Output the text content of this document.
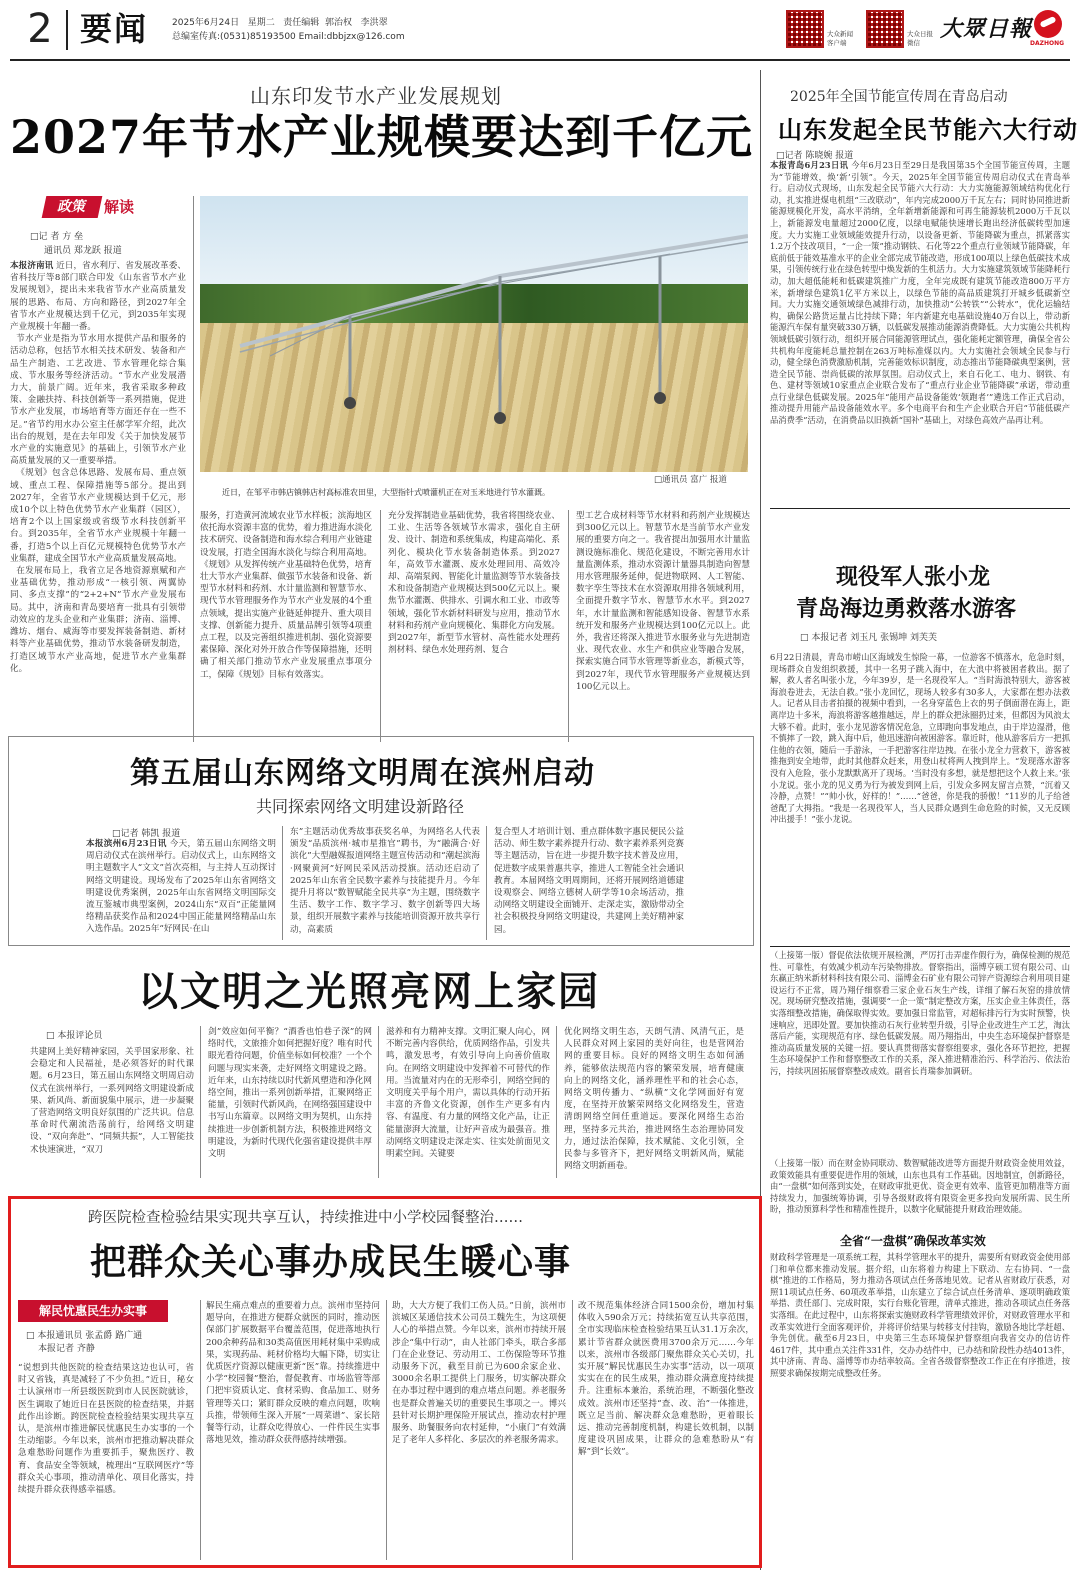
2 要闻	2025年6月24日 星期二 责任编辑 郭治权 李洪翠
总编室传真:(0531)85193500 Email:dbbjzx@126.com	大众新闻
客户端
大众日报
微信
大眾日報
DAZHONG
山东印发节水产业发展规划
2027年节水产业规模要达到千亿元
政策	解读
□记 者 方 垒
通讯员 郑龙跃 报道
本报济南讯 近日，省水利厅、省发展改革委、省科技厅等8部门联合印发《山东省节水产业发展规划》，提出未来我省节水产业高质量发展的思路、布局、方向和路径，到2027年全省节水产业规模达到千亿元，到2035年实现产业规模十年翻一番。
节水产业是指为节水用水提供产品和服务的活动总称，包括节水相关技术研发、装备和产品生产制造、工艺改进、节水管理化综合集成、节水服务等经济活动。“节水产业发展潜力大，前景广阔。近年来，我省采取多种政策、金融扶持、科技创新等一系列措施，促进节水产业发展，市场培育等方面还存在一些不足。”省节约用水办公室主任郝学军介绍，此次出台的规划，是在去年印发《关于加快发展节水产业的实施意见》的基础上，引领节水产业高质量发展的又一重要举措。
《规划》包含总体思路、发展布局、重点领域、重点工程、保障措施等5部分。提出到2027年，全省节水产业规模达到千亿元，形成10个以上特色优势节水产业集群（园区），培育2个以上国家级或省级节水科技创新平台。到2035年，全省节水产业规模十年翻一番，打造5个以上百亿元规模特色优势节水产业集群，建成全国节水产业高质量发展高地。
在发展布局上，我省立足各地资源禀赋和产业基础优势，推动形成“一核引领、两翼协同、多点支撑”的“2+2+N”节水产业发展布局。其中，济南和青岛要培育一批具有引领带动效应的龙头企业和产业集群；济南、淄博、潍坊、烟台、威海等市要发挥装备制造、新材料等产业基础优势，推动节水装备研发制造，打造区域节水产业高地，促进节水产业集群化。
近日，在邹平市韩店镇韩店村高标准农田里，大型指针式喷灌机正在对玉米地进行节水灌溉。
□通讯员 富广 报道
服务，打造黄河流域农业节水样板；滨海地区依托海水资源丰富的优势，着力推进海水淡化技术研究、设备制造和海水综合利用产业链建设发展，打造全国海水淡化与综合利用高地。《规划》从发挥传统产业基础特色优势，培育壮大节水产业集群、做强节水装备和设备、新型节水材料和药剂、水计量监测和智慧节水、现代节水管理服务作为节水产业发展的4个重点领域，提出实施产业链延伸提升、重大项目支撑、创新能力提升、质量品牌引领等4项重点工程，以及完善组织推进机制、强化资源要素保障、深化对外开放合作等保障措施，还明确了相关部门推动节水产业发展重点事项分工，保障《规划》目标有效落实。
充分发挥制造业基础优势，我省将围绕农业、工业、生活等各领域节水需求，强化自主研发、设计、制造和系统集成，构建高端化、系列化、模块化节水装备制造体系。到2027年，高效节水灌溉、废水处理回用、高效冷却、高端泵阀、智能化计量监测等节水装备技术和设备制造产业规模达到500亿元以上。聚焦节水灌溉、供排水、引调水和工业、市政等领域，强化节水新材料研发与应用，推动节水材料和药剂产业向规模化、集群化方向发展。到2027年，新型节水管材、高性能水处理药剂材料、绿色水处理药剂、复合
型工艺合成材料等节水材料和药剂产业规模达到300亿元以上。智慧节水是当前节水产业发展的重要方向之一。我省提出加强用水计量监测设施标准化、规范化建设，不断完善用水计量监测体系，推动水资源计量器具制造向智慧用水管理服务延伸，促进物联网、人工智能、数字孪生等技术在水资源取用排各领域利用，全面提升数字节水、智慧节水水平。到2027年，水计量监测和智能感知设备、智慧节水系统开发和服务产业规模达到100亿元以上。此外，我省还将深入推进节水服务业与先进制造业、现代农业、水生产和供应业等融合发展，探索实施合同节水管理等新业态，新模式等，到2027年，现代节水管理服务产业规模达到100亿元以上。
2025年全国节能宣传周在青岛启动
山东发起全民节能六大行动
□记者 陈晓婉 报道
本报青岛6月23日讯 今年6月23日至29日是我国第35个全国节能宣传周，主题为“节能增效，焕‘新’引领”。今天，2025年全国节能宣传周启动仪式在青岛举行。启动仪式现场，山东发起全民节能六大行动：大力实施能源领域结构优化行动，扎实推进煤电机组“三改联动”，年内完成2000万千瓦左右；同时协同推进新能源规模化开发，高水平消纳，全年新增新能源和可再生能源装机2000万千瓦以上，新能源发电量超过2000亿度，以绿电赋能快速增长跑出经济低碳转型加速度。大力实施工业领域能效提升行动，以设备更新、节能降碳为重点，抓紧落实1.2万个技改项目，“一企一策”推动钢铁、石化等22个重点行业领域节能降碳，年底前低于能效基准水平的企业全部完成节能改造，形成100项以上绿色低碳技术成果，引领传统行业在绿色转型中焕发新的生机活力。大力实施建筑领域节能降耗行动，加大超低能耗和低碳建筑推广力度，全年完成既有建筑节能改造800万平方米，新增绿色建筑1亿平方米以上，以绿色节能的高品质建筑打开城乡低碳新空间。大力实施交通领域绿色减排行动，加快推动“公转铁”“公转水”，优化运输结构，确保公路货运量占比持续下降；年内新建充电基础设施40万台以上，带动新能源汽车保有量突破330万辆，以低碳发展推动能源消费降低。大力实施公共机构领域低碳引领行动，组织开展合同能源管理试点，强化能耗定额管理，确保全省公共机构年度能耗总量控制在263万吨标准煤以内。大力实施社会领域全民参与行动，健全绿色消费激励机制，完善能效标识制度，动态推出节能降碳典型案例，营造全民节能、崇尚低碳的浓厚氛围。启动仪式上，来自石化工、电力、钢铁、有色、建材等领域10家重点企业联合发布了“重点行业企业节能降碳”承诺，带动重点行业绿色低碳发展。2025年“能用产品设备能效‘领跑者’”遴选工作正式启动，推动提升用能产品设备能效水平。多个电商平台和生产企业联合开启“节能低碳产品消费季”活动，在消费品以旧换新“国补”基础上，对绿色高效产品再让利。
现役军人张小龙
青岛海边勇救落水游客
□ 本报记者 刘玉凡 张锡坤 刘芙芙
6月22日清晨，青岛市崂山区海域发生惊险一幕，一位游客不慎落水，危急时刻，现场群众自发组织救援，其中一名男子跳入海中，在大浪中将被困者救出。据了解，救人者名叫张小龙，今年39岁，是一名现役军人。“当时海浪特别大，游客被海浪卷进去，无法自救。”张小龙回忆，现场人较多有30多人，大家都在想办法救人。记者从目击者拍摄的视频中看到，一名身穿蓝色上衣的男子倒面潜在海上，距离岸边十多米，海浪将游客越推越远，岸上的群众把泳圈扔过来，但都因为风浪太大够不着。此时，张小龙见游客情况危急，立即跑向事发地点，由于岸边湿滑，他不慎摔了一跤，跳入海中后，他迅速游向被困游客。靠近时，他从游客后方一把抓住他的衣领，随后一手游泳，一手把游客往岸边拽。在张小龙全力营救下，游客被推拖到安全地带，此时其他群众赶来，用登山杖将两人拽到岸上。“发现落水游客没有入危险，张小龙默默离开了现场。‘当时没有多想，就是想把这个人救上来。’张小龙说。张小龙的见义勇为行为被发到网上后，引发众多网友留言点赞，“沉着又冷静，点赞！”“帅小伙，好样的！”……“爸爸，你是我的骄傲！”11岁的儿子给爸爸配了大拇指。“我是一名现役军人，当人民群众遇到生命危险的时候，又无反顾冲出援手！”张小龙说。
（上接第一版）督促依法依规开展检测，严厉打击弄虚作假行为，确保检测的规范性、可靠性，有效减少机动车污染物排放。督察指出，淄博亨硕工贸有限公司、山东赢正纳米新材料科技有限公司、淄博金石矿业有限公司锌产资源综合利用项目建设运行不正常，周乃翔仔细察看三家企业石灰生产线，详细了解石灰窑的排放情况。现场研究整改措施，强调要“一企一策”制定整改方案，压实企业主体责任，落实落细整改措施，确保取得实效。要加强日常监管，对超标排污行为实时预警，快速响应，迅即处置。要加快推动石灰行业转型升级，引导企业改进生产工艺，淘汰落后产能，实现规范有序、绿色低碳发展。周乃翔指出，中央生态环境保护督察是推动高质量发展的关键一招。要认真贯彻落实督察组要求，强化各环节把控，把握生态环境保护工作和督察整改工作的关系，深入推进精准治污、科学治污、依法治污，持续巩固拓展督察整改成效。副省长肖瑞参加调研。
（上接第一版）而在财金协同联动、数智赋能改进等方面提升财政资金使用效益，政策效能具有重要促进作用的领域，山东也具有工作基础。因地制宜，创新路径，由“一盘棋”如何落到实处，在财政审批更优、资金更有效率、监管更加精准等方面持续发力，加强统筹协调，引导各级财政将有限资金更多投向发展所需、民生所盼，推动预算科学性和精准性提升，以数字化赋能提升财政治理效能。
全省“一盘棋”确保改革实效
财政科学管理是一项系统工程，其科学管理水平的提升，需要所有财政资金使用部门和单位都来推动发展。据介绍，山东将着力构建上下联动、左右协同、“一盘棋”推进的工作格局，努力推动各项试点任务落地见效。记者从省财政厅获悉，对照11项试点任务、60项改革举措，山东建立了综合试点任务清单、逐项明确政策举措、责任部门、完成时限，实行台账化管理，清单式推进，推动各项试点任务落实落细。在此过程中，山东将探索实施财政科学管理绩效评价，对财政管理水平和改革实效进行全面客观评价，并将评价结果与转移支付挂钩，激励各地比学赶超、争先创优。截至6月23日，中央第三生态环境保护督察组向我省交办的信访件4617件，其中重点关注件331件，交办办结件中，已办结和阶段性办结4013件，其中济南、青岛、淄博等市办结率较高。全省各级督察整改工作正在有序推进，按照要求确保按期完成整改任务。
第五届山东网络文明周在滨州启动
共同探索网络文明建设新路径
□记者 韩凯 报道
本报滨州6月23日讯 今天，第五届山东网络文明周启动仪式在滨州举行。启动仪式上，山东网络文明主题数字人“文文”首次亮相，与主持人互动探讨网络文明建设。现场发布了2025年山东省网络文明建设优秀案例，2025年山东省网络文明国际交流互鉴城市典型案例，2024山东“双百”正能量网络精品获奖作品和2024中国正能量网络精品山东入选作品。2025年“好网民·在山
东”主题活动优秀故事获奖名单，为网络名人代表颁发“品质滨州·城市星推官”聘书，为“融满合·好滨化”大型融媒报道网络主题宣传活动和“潮起滨海·网聚黄河”好网民采风活动授旗。活动还启动了2025年山东省全民数字素养与技能提升月。今年提升月将以“数智赋能全民共享”为主题，围绕数字生活、数字工作、数字学习、数字创新等四大场景，组织开展数字素养与技能培训资源开放共享行动，高素质
复合型人才培训计划、重点群体数字惠民便民公益活动、师生数字素养提升行动、数字素养系列竞赛等主题活动，旨在进一步提升数字技术普及应用，促进数字成果普惠共享，推进人工智能全社会通识教育。本届网络文明周期间，还将开展网络道德建设观察会、网络立德树人研学等10余场活动，推动网络文明建设全面铺开、走深走实，激励带动全社会积极投身网络文明建设，共建网上美好精神家园。
以文明之光照亮网上家园
□ 本报评论员
共建网上美好精神家园，关乎国家形象、社会稳定和人民福祉，是必须答好的时代课题。6月23日，第五届山东网络文明周启动仪式在滨州举行，一系列网络文明建设新成果、新风尚、新面貌集中展示，进一步凝聚了营造网络文明良好氛围的广泛共识。信息革命时代潮流浩荡前行，给网络文明建设、“双向奔赴”、“同频共振”，人工智能技术快速演进，“双刀
剑”效应如何平衡？“酒香也怕巷子深”的网络时代，文旅推介如何把握好度？唯有时代眼光看待问题，价值坐标如何校准？一个个问题与现实来袭，走好网络文明建设之路。近年来，山东持续以时代新风塑造和净化网络空间，推出一系列创新举措，汇聚网络正能量，引领时代新风尚，在网络强国建设中书写山东篇章。以网络文明为契机，山东持续推进一步创新机制方法，积极推进网络文明建设，为新时代现代化强省建设提供丰厚文明
滋养和有力精神支撑。文明汇聚人向心，网不断完善内容供给，优质网络作品，引发共鸣，激发思考，有效引导向上向善价值取向。在网络文明建设中发挥着不可替代的作用。当流量对内在的无形牵引，网络空间的文明度关乎每个用户，需以具体的行动开拓丰富的齐鲁文化资源，创作生产更多有内容、有温度、有力量的网络文化产品，让正能量澎湃大流量，让好声音成为最强音。推动网络文明建设走深走实、往实处前面见文明素空间。关键要
优化网络文明生态，天朗气清、风清气正，是人民群众对网上家园的美好向往，也是营网治网的重要目标。良好的网络文明生态如何涵养，能够依法规范内容的繁荣发展，培育健康向上的网络文化，涵养理性平和的社会心态，网络文明传播力、“纵横”文化学网面好有宽度，在坚持开放繁荣网络文化网络发生，营造清朗网络空间任重道远。要深化网络生态治理，坚持多元共治，推进网络生态治理协同发力，通过法治保障，技术赋能、文化引领，全民参与多管齐下，把好网络文明新风尚，赋能网络文明新画卷。
跨医院检查检验结果实现共享互认，持续推进中小学校园餐整治……
把群众关心事办成民生暖心事
解民忧惠民生办实事
□ 本报通讯员 张孟爵 路广通
本报记者 齐静
“说想到共他医院的检查结果这边也认可，省时又省钱，真是减轻了不少负担。”近日，秘女士认演州市一所县级医院到市人民医院就诊，医生调取了她近日在县医院的检查结果，并据此作出诊断。跨医院检查检验结果实现共享互认，是滨州市推进解民忧惠民生办实事的一个生动缩影。今年以来，滨州市把推动解决群众急难愁盼问题作为重要抓手，聚焦医疗、教育、食品安全等领域，梳理出“互联网医疗”等群众关心事项，推动清单化、项目化落实，持续提升群众获得感幸福感。
解民生痛点难点的重要着力点。滨州市坚持问题导向，在推进方便群众就医的同时，推动医保部门扩展数据平台覆盖范围，促进落地执行200余种药品和30类高值医用耗材集中采购成果，实现药品、耗材价格均大幅下降，切实让优质医疗资源以健康更新“医”靠。持续推进中小学“校园餐”整治，督促教育、市场监管等部门把牢资质认定、食材采购、食品加工、财务管理等关口；紧盯群众反映的难点问题，吹响兵推，带领师生深入开展“一周菜谱”、家长陪餐等行动，让群众吃得放心、一件件民生实事落地见效，推动群众获得感持续增强。
助，大大方便了我们工伤人员。”日前，滨州市滨城区某通信技术公司员工魏先生，为这项便人心的举措点赞。今年以来，滨州市持续开展涉企“集中行动”，由人社部门牵头，联合多部门在企业登记、劳动用工、工伤保险等环节推动服务下沉，截至目前已为600余家企业、3000余名职工提供上门服务，切实解决群众在办事过程中遇到的难点堵点问题。养老服务也是群众普遍关切的重要民生事项之一。博兴县针对长期护理保险开展试点，推动农村护理服务、助餐服务向农村延伸，“小康门”有效满足了老年人多样化、多层次的养老服务需求。
改不规范集体经济合同1500余份，增加村集体收入590余万元；持续拓宽互认共享范围，全市实现临床检查检验结果互认31.1万余次，累计节省群众就医费用3700余万元……今年以来，滨州市各级部门聚焦群众关心关切，扎实开展“解民忧惠民生办实事”活动，以一项项实实在在的民生成果，推动群众满意度持续提升。注重标本兼治，系统治理，不断强化整改成效。滨州市还坚持“查、改、治”一体推进，既立足当前、解决群众急难愁盼，更着眼长远、推动完善制度机制，构建长效机制，以制度建设巩固成果，让群众的急难愁盼从“有解”到“长效”。
